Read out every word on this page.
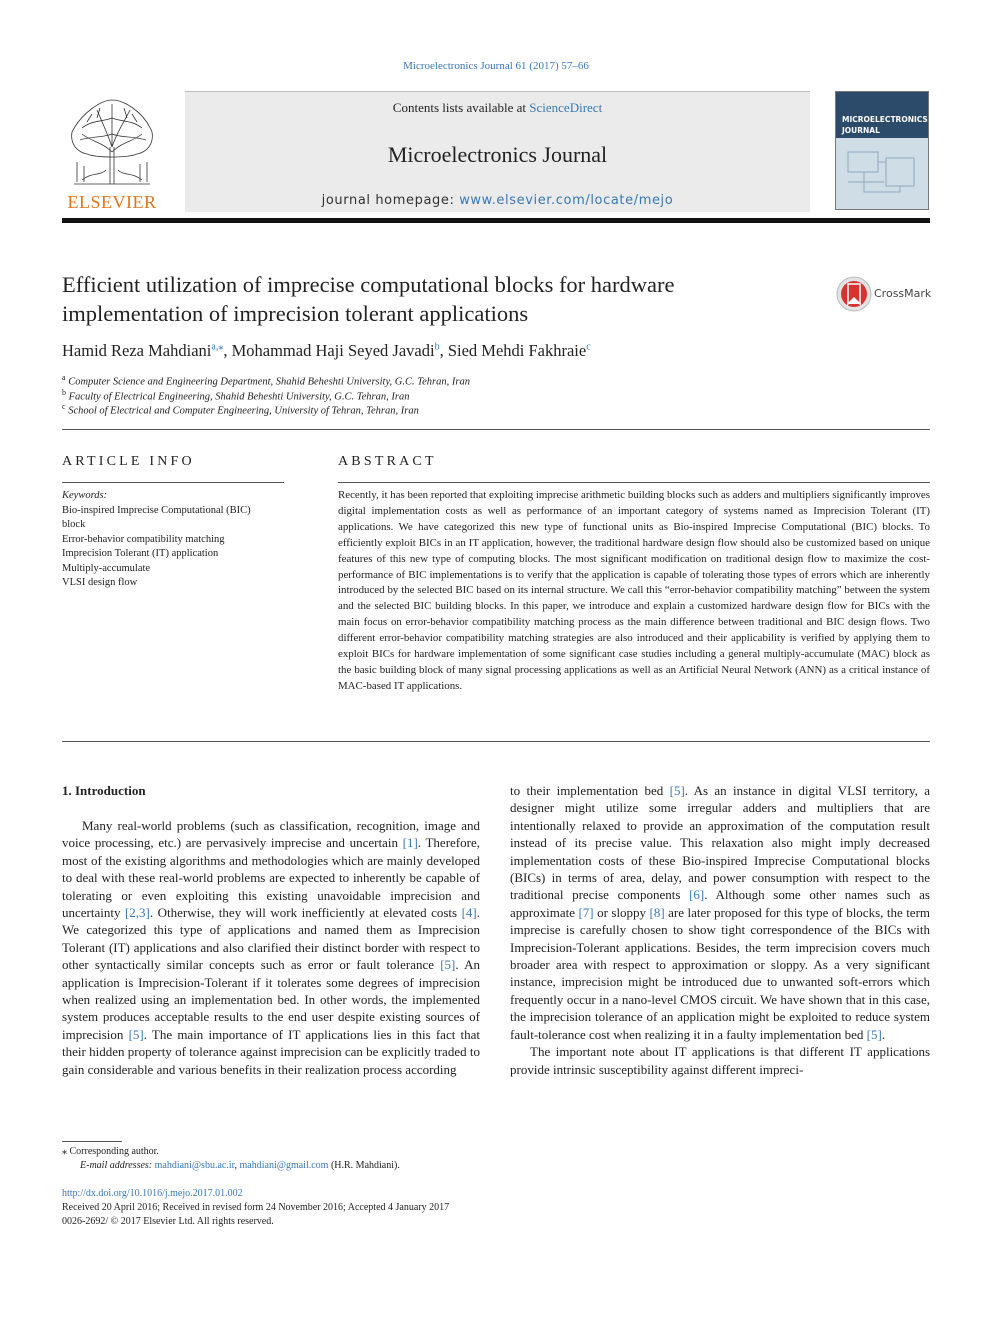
Microelectronics Journal 61 (2017) 57–66
ELSEVIER
Contents lists available at ScienceDirect
Microelectronics Journal
journal homepage: www.elsevier.com/locate/mejo
MICROELECTRONICS JOURNAL
Efficient utilization of imprecise computational blocks for hardware implementation of imprecision tolerant applications
CrossMark
Hamid Reza Mahdiani$^{a,⁎}$, Mohammad Haji Seyed Javadi$^b$, Sied Mehdi Fakhraie$^c$
$^a$ Computer Science and Engineering Department, Shahid Beheshti University, G.C. Tehran, Iran
$^b$ Faculty of Electrical Engineering, Shahid Beheshti University, G.C. Tehran, Iran
$^c$ School of Electrical and Computer Engineering, University of Tehran, Tehran, Iran
ARTICLE INFO	ABSTRACT
Keywords:
Bio-inspired Imprecise Computational (BIC)
block
Error-behavior compatibility matching
Imprecision Tolerant (IT) application
Multiply-accumulate
VLSI design flow
Recently, it has been reported that exploiting imprecise arithmetic building blocks such as adders and multipliers significantly improves digital implementation costs as well as performance of an important category of systems named as Imprecision Tolerant (IT) applications. We have categorized this new type of functional units as Bio-inspired Imprecise Computational (BIC) blocks. To efficiently exploit BICs in an IT application, however, the traditional hardware design flow should also be customized based on unique features of this new type of computing blocks. The most significant modification on traditional design flow to maximize the cost-performance of BIC implementations is to verify that the application is capable of tolerating those types of errors which are inherently introduced by the selected BIC based on its internal structure. We call this “error-behavior compatibility matching” between the system and the selected BIC building blocks. In this paper, we introduce and explain a customized hardware design flow for BICs with the main focus on error-behavior compatibility matching process as the main difference between traditional and BIC design flows. Two different error-behavior compatibility matching strategies are also introduced and their applicability is verified by applying them to exploit BICs for hardware implementation of some significant case studies including a general multiply-accumulate (MAC) block as the basic building block of many signal processing applications as well as an Artificial Neural Network (ANN) as a critical instance of MAC-based IT applications.
1. Introduction

Many real-world problems (such as classification, recognition, image and voice processing, etc.) are pervasively imprecise and uncertain [1]. Therefore, most of the existing algorithms and methodologies which are mainly developed to deal with these real-world problems are expected to inherently be capable of tolerating or even exploiting this existing unavoidable imprecision and uncertainty [2,3]. Otherwise, they will work inefficiently at elevated costs [4]. We categorized this type of applications and named them as Imprecision Tolerant (IT) applications and also clarified their distinct border with respect to other syntactically similar concepts such as error or fault tolerance [5]. An application is Imprecision-Tolerant if it tolerates some degrees of imprecision when realized using an implementation bed. In other words, the implemented system produces acceptable results to the end user despite existing sources of imprecision [5]. The main importance of IT applications lies in this fact that their hidden property of tolerance against imprecision can be explicitly traded to gain considerable and various benefits in their realization process according

to their implementation bed [5]. As an instance in digital VLSI territory, a designer might utilize some irregular adders and multipliers that are intentionally relaxed to provide an approximation of the computation result instead of its precise value. This relaxation also might imply decreased implementation costs of these Bio-inspired Imprecise Computational blocks (BICs) in terms of area, delay, and power consumption with respect to the traditional precise components [6]. Although some other names such as approximate [7] or sloppy [8] are later proposed for this type of blocks, the term imprecise is carefully chosen to show tight correspondence of the BICs with Imprecision-Tolerant applications. Besides, the term imprecision covers much broader area with respect to approximation or sloppy. As a very significant instance, imprecision might be introduced due to unwanted soft-errors which frequently occur in a nano-level CMOS circuit. We have shown that in this case, the imprecision tolerance of an application might be exploited to reduce system fault-tolerance cost when realizing it in a faulty implementation bed [5].

The important note about IT applications is that different IT applications provide intrinsic susceptibility against different impreci-

⁎ Corresponding author.
E-mail addresses: mahdiani@sbu.ac.ir, mahdiani@gmail.com (H.R. Mahdiani).
http://dx.doi.org/10.1016/j.mejo.2017.01.002
Received 20 April 2016; Received in revised form 24 November 2016; Accepted 4 January 2017
0026-2692/ © 2017 Elsevier Ltd. All rights reserved.
